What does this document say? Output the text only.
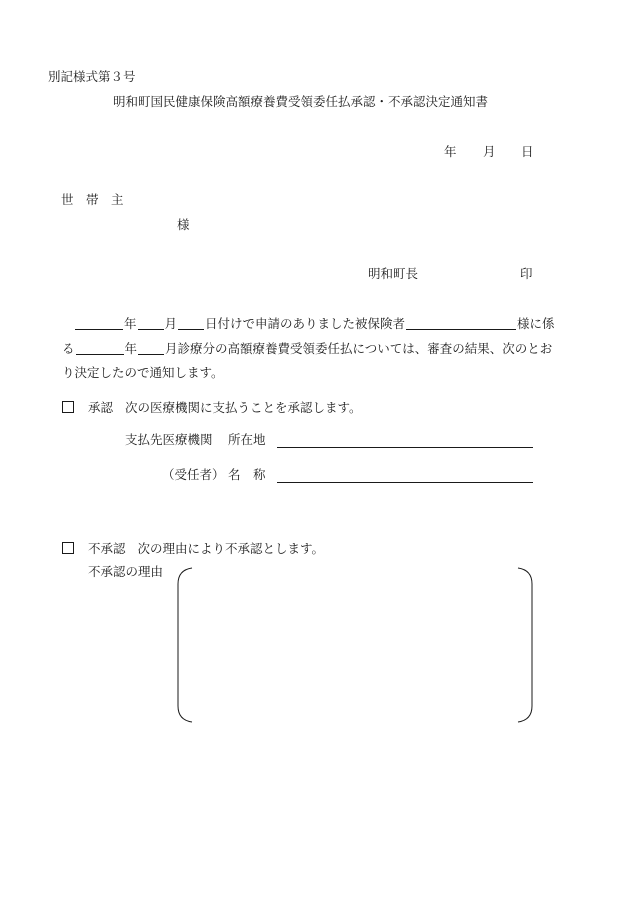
別記様式第３号
明和町国民健康保険高額療養費受領委任払承認・不承認決定通知書
年 月 日
世　帯　主
様
明和町長	印
年 月 日付けで申請のありました被保険者	様に係
る	年 月診療分の高額療養費受領委任払については、審査の結果、次のとお
り決定したので通知します。
承認 次の医療機関に支払うことを承認します。
支払先医療機関 所在地
（受任者） 名　称
不承認 次の理由により不承認とします。
不承認の理由
